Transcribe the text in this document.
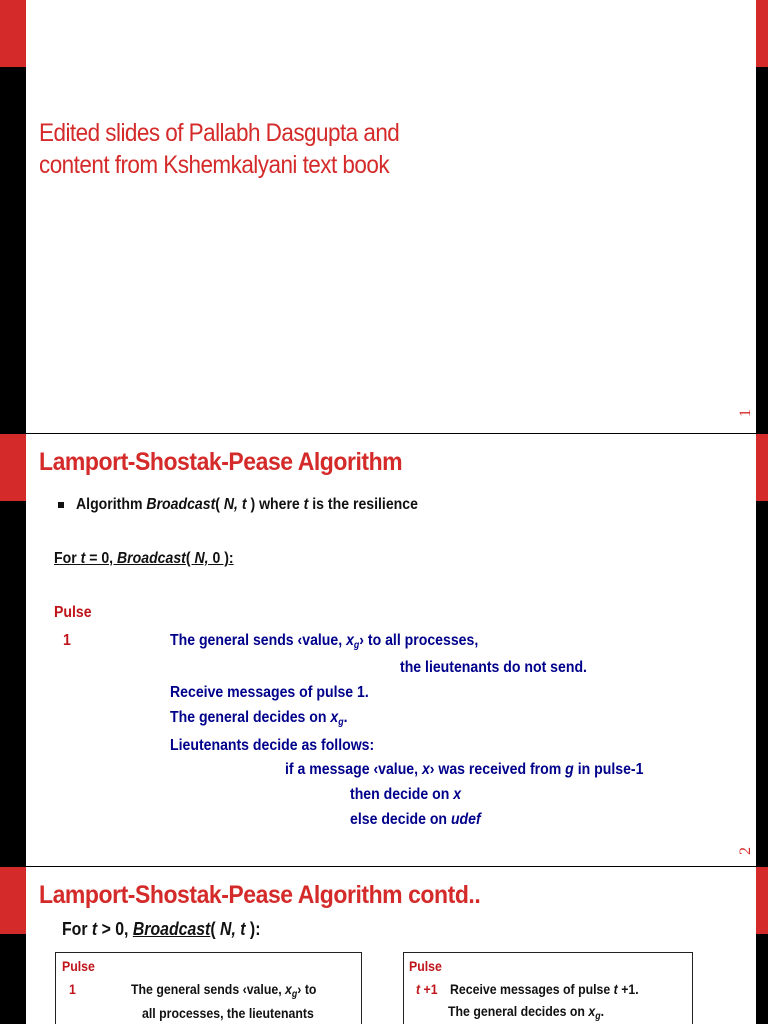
Edited slides of Pallabh Dasgupta and content from Kshemkalyani text book
1
Lamport-Shostak-Pease Algorithm
Algorithm Broadcast( N, t ) where t is the resilience
For t = 0, Broadcast( N, 0 ):
Pulse
1	The general sends ‹value, $x_g›$ to all processes,
the lieutenants do not send.
Receive messages of pulse 1.
The general decides on $x_g$.
Lieutenants decide as follows:
if a message ‹value, x› was received from g in pulse-1
then decide on x
else decide on udef
2
Lamport-Shostak-Pease Algorithm contd..
For t > 0, Broadcast( N, t ):
Pulse
1	The general sends ‹value, $x_g›$ to
all processes, the lieutenants
Pulse
t +1 Receive messages of pulse t +1.
The general decides on $x_g$.
